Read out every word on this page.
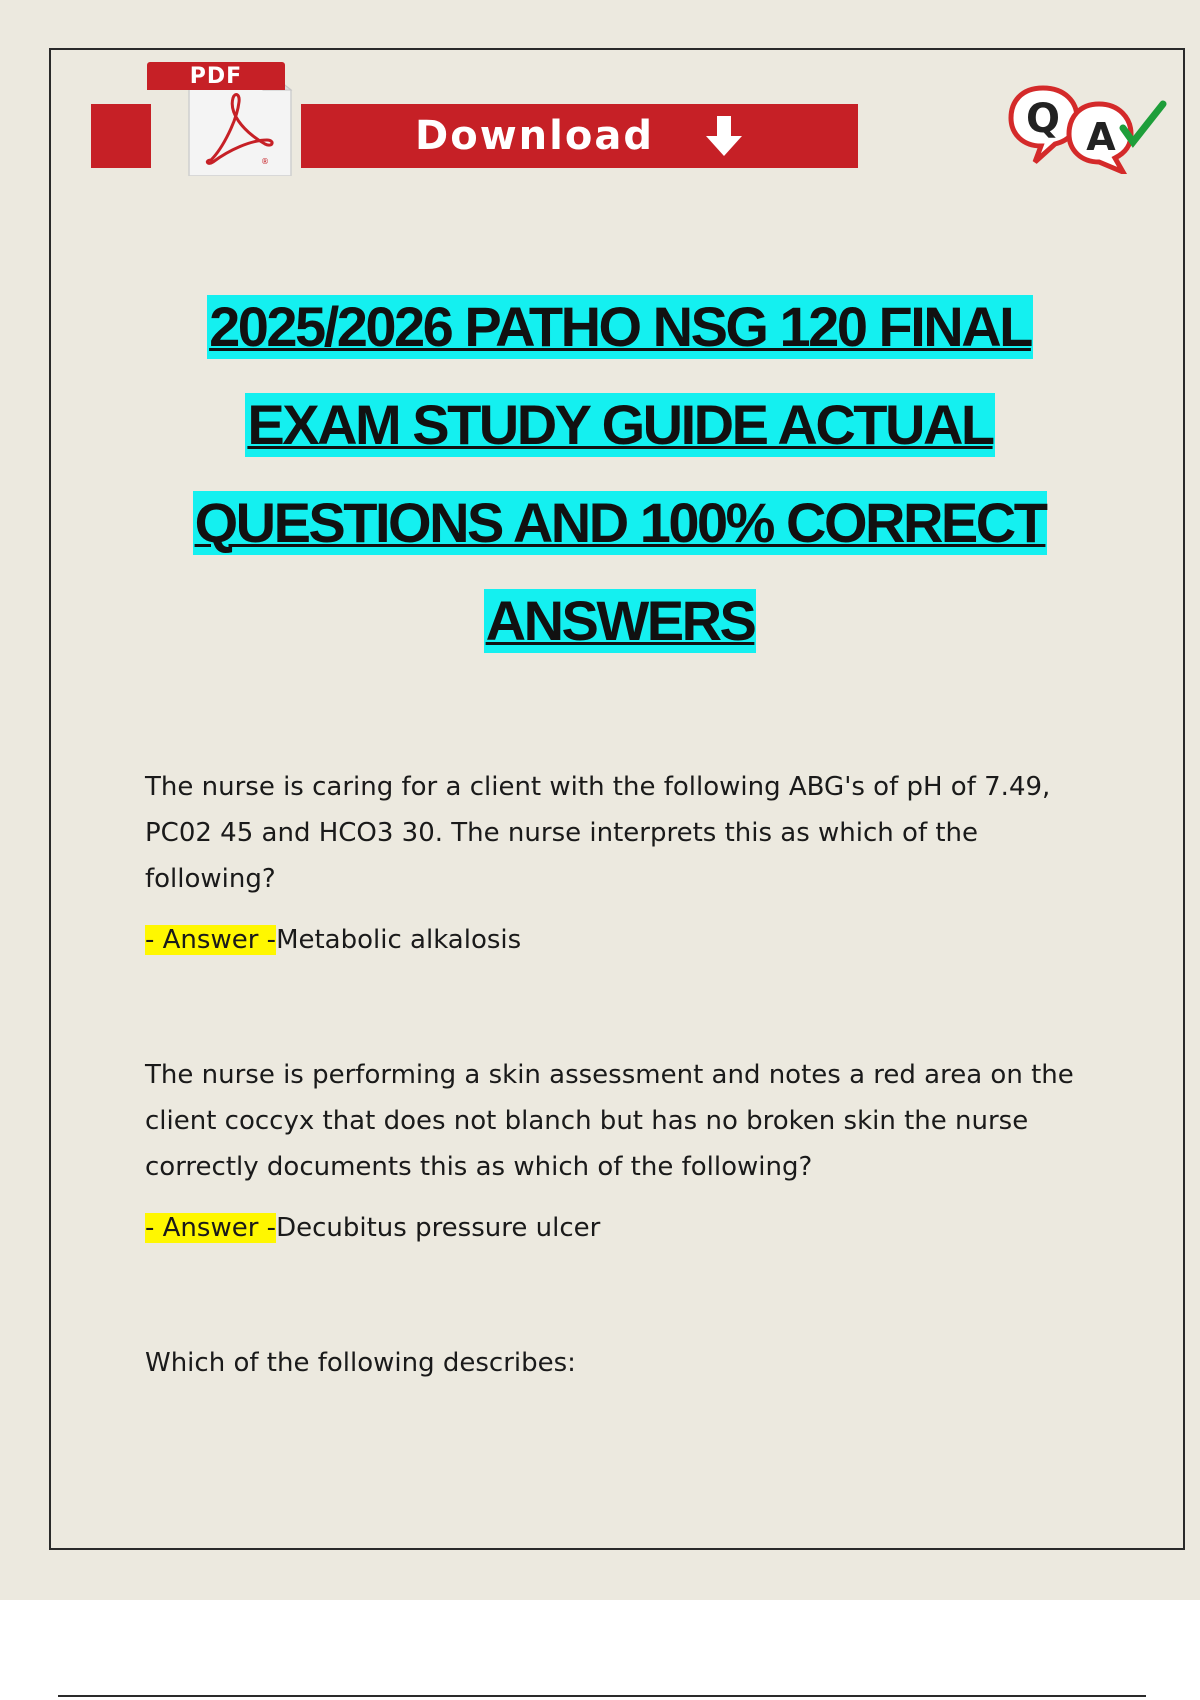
®
PDF
Download	Q A
2025/2026 PATHO NSG 120 FINAL
EXAM STUDY GUIDE ACTUAL
QUESTIONS AND 100% CORRECT
ANSWERS
The nurse is caring for a client with the following ABG's of pH of 7.49,
PC02 45 and HCO3 30. The nurse interprets this as which of the
following?
- Answer -Metabolic alkalosis
The nurse is performing a skin assessment and notes a red area on the
client coccyx that does not blanch but has no broken skin the nurse
correctly documents this as which of the following?
- Answer -Decubitus pressure ulcer
Which of the following describes:
